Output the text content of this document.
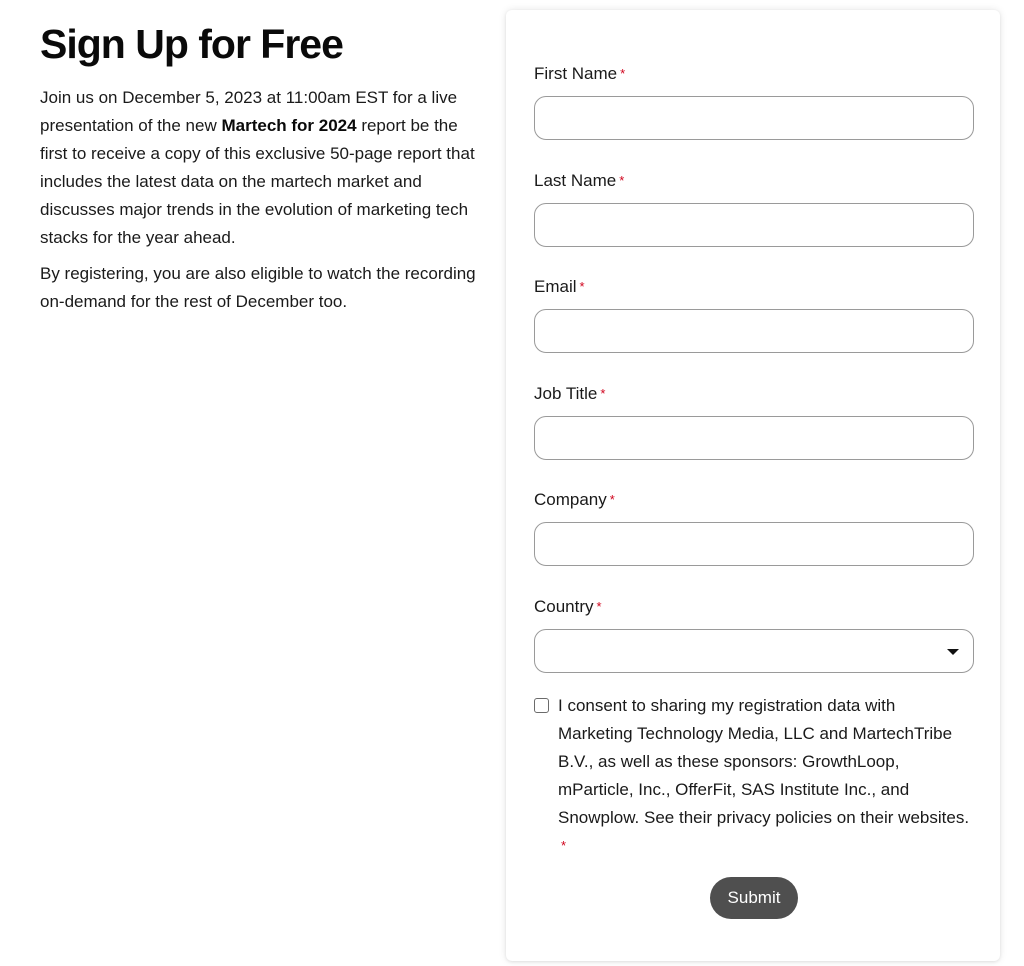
Sign Up for Free

Join us on December 5, 2023 at 11:00am EST for a live presentation of the new Martech for 2024 report be the first to receive a copy of this exclusive 50-page report that includes the latest data on the martech market and discusses major trends in the evolution of marketing tech stacks for the year ahead.

By registering, you are also eligible to watch the recording on-demand for the rest of December too.

First Name *
Last Name *
Email *
Job Title *
Company *
Country *
I consent to sharing my registration data with Marketing Technology Media, LLC and MartechTribe B.V., as well as these sponsors: GrowthLoop, mParticle, Inc., OfferFit, SAS Institute Inc., and Snowplow. See their privacy policies on their websites. *
Submit
